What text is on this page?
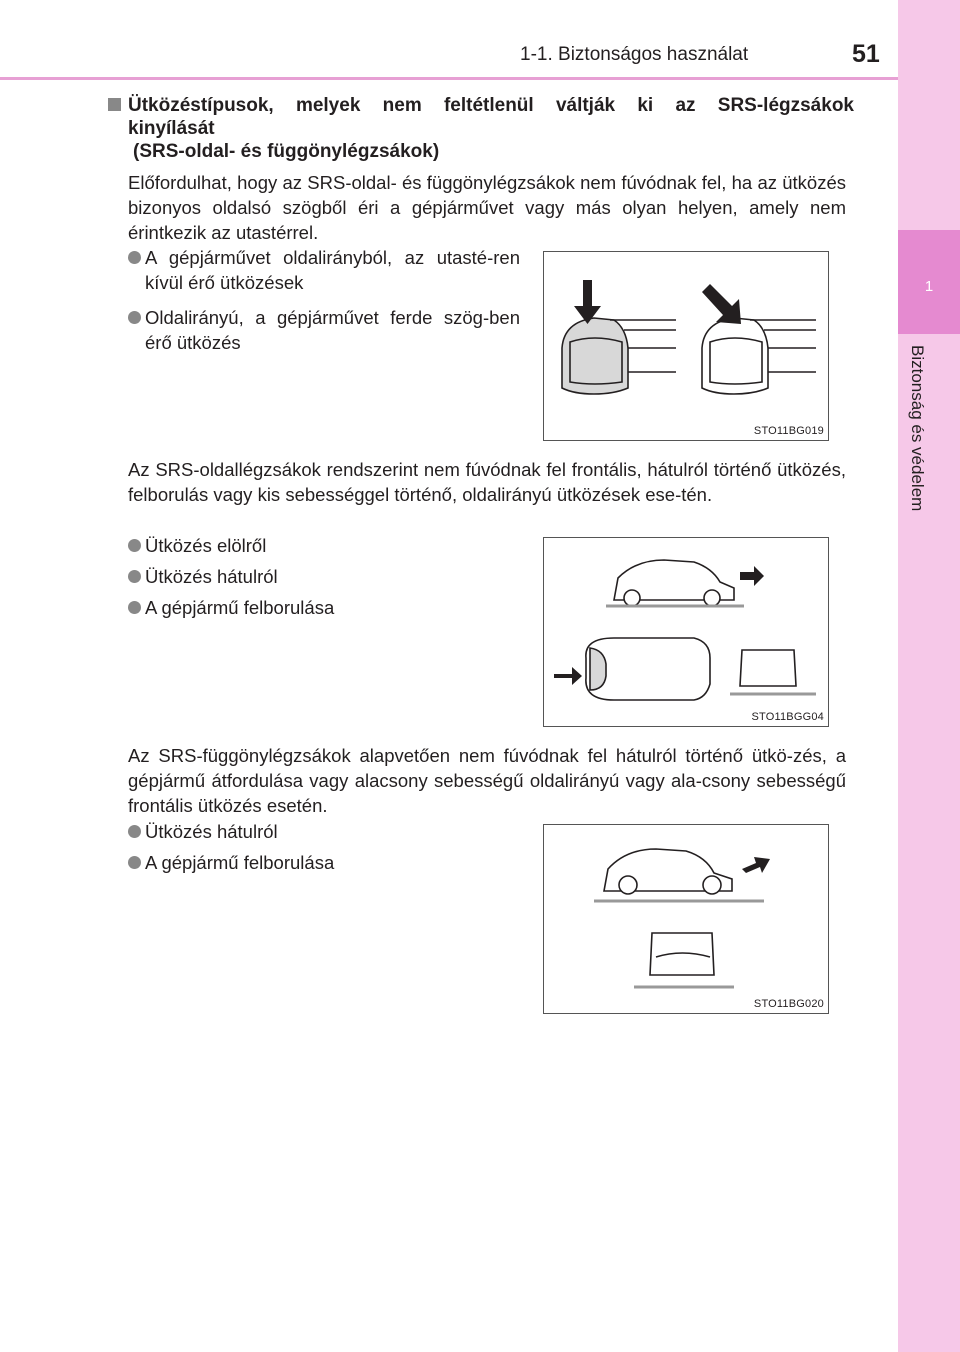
1-1. Biztonságos használat	51
1
Biztonság és védelem
Ütközéstípusok, melyek nem feltétlenül váltják ki az SRS-légzsákok
kinyílását
(SRS-oldal- és függönylégzsákok)
Előfordulhat, hogy az SRS-oldal- és függönylégzsákok nem fúvódnak fel, ha az ütközés bizonyos oldalsó szögből éri a gépjárművet vagy más olyan helyen, amely nem érintkezik az utastérrel.
A gépjárművet oldalirányból, az utasté-ren kívül érő ütközések
Oldalirányú, a gépjárművet ferde szög-ben érő ütközés
STO11BG019
Az SRS-oldallégzsákok rendszerint nem fúvódnak fel frontális, hátulról történő ütközés, felborulás vagy kis sebességgel történő, oldalirányú ütközések ese-tén.
Ütközés elölről
Ütközés hátulról
A gépjármű felborulása
STO11BGG04
Az SRS-függönylégzsákok alapvetően nem fúvódnak fel hátulról történő ütkö-zés, a gépjármű átfordulása vagy alacsony sebességű oldalirányú vagy ala-csony sebességű frontális ütközés esetén.
Ütközés hátulról
A gépjármű felborulása
STO11BG020
